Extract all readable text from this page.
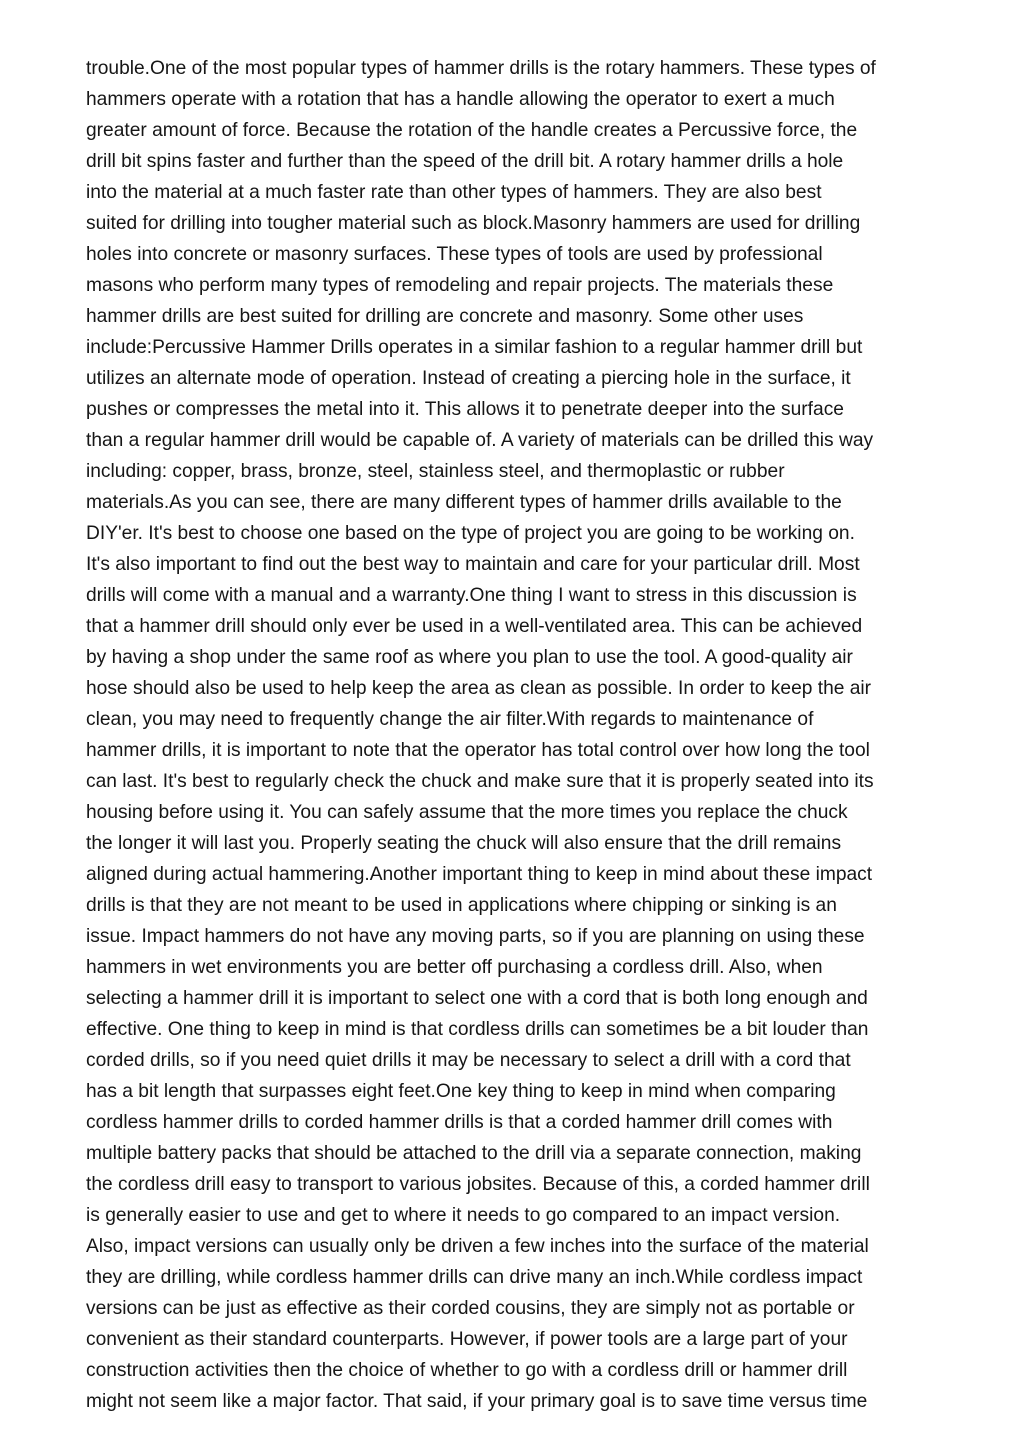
trouble.One of the most popular types of hammer drills is the rotary hammers. These types of
hammers operate with a rotation that has a handle allowing the operator to exert a much
greater amount of force. Because the rotation of the handle creates a Percussive force, the
drill bit spins faster and further than the speed of the drill bit. A rotary hammer drills a hole
into the material at a much faster rate than other types of hammers. They are also best
suited for drilling into tougher material such as block.Masonry hammers are used for drilling
holes into concrete or masonry surfaces. These types of tools are used by professional
masons who perform many types of remodeling and repair projects. The materials these
hammer drills are best suited for drilling are concrete and masonry. Some other uses
include:Percussive Hammer Drills operates in a similar fashion to a regular hammer drill but
utilizes an alternate mode of operation. Instead of creating a piercing hole in the surface, it
pushes or compresses the metal into it. This allows it to penetrate deeper into the surface
than a regular hammer drill would be capable of. A variety of materials can be drilled this way
including: copper, brass, bronze, steel, stainless steel, and thermoplastic or rubber
materials.As you can see, there are many different types of hammer drills available to the
DIY'er. It's best to choose one based on the type of project you are going to be working on.
It's also important to find out the best way to maintain and care for your particular drill. Most
drills will come with a manual and a warranty.One thing I want to stress in this discussion is
that a hammer drill should only ever be used in a well-ventilated area. This can be achieved
by having a shop under the same roof as where you plan to use the tool. A good-quality air
hose should also be used to help keep the area as clean as possible. In order to keep the air
clean, you may need to frequently change the air filter.With regards to maintenance of
hammer drills, it is important to note that the operator has total control over how long the tool
can last. It's best to regularly check the chuck and make sure that it is properly seated into its
housing before using it. You can safely assume that the more times you replace the chuck
the longer it will last you. Properly seating the chuck will also ensure that the drill remains
aligned during actual hammering.Another important thing to keep in mind about these impact
drills is that they are not meant to be used in applications where chipping or sinking is an
issue. Impact hammers do not have any moving parts, so if you are planning on using these
hammers in wet environments you are better off purchasing a cordless drill. Also, when
selecting a hammer drill it is important to select one with a cord that is both long enough and
effective. One thing to keep in mind is that cordless drills can sometimes be a bit louder than
corded drills, so if you need quiet drills it may be necessary to select a drill with a cord that
has a bit length that surpasses eight feet.One key thing to keep in mind when comparing
cordless hammer drills to corded hammer drills is that a corded hammer drill comes with
multiple battery packs that should be attached to the drill via a separate connection, making
the cordless drill easy to transport to various jobsites. Because of this, a corded hammer drill
is generally easier to use and get to where it needs to go compared to an impact version.
Also, impact versions can usually only be driven a few inches into the surface of the material
they are drilling, while cordless hammer drills can drive many an inch.While cordless impact
versions can be just as effective as their corded cousins, they are simply not as portable or
convenient as their standard counterparts. However, if power tools are a large part of your
construction activities then the choice of whether to go with a cordless drill or hammer drill
might not seem like a major factor. That said, if your primary goal is to save time versus time
